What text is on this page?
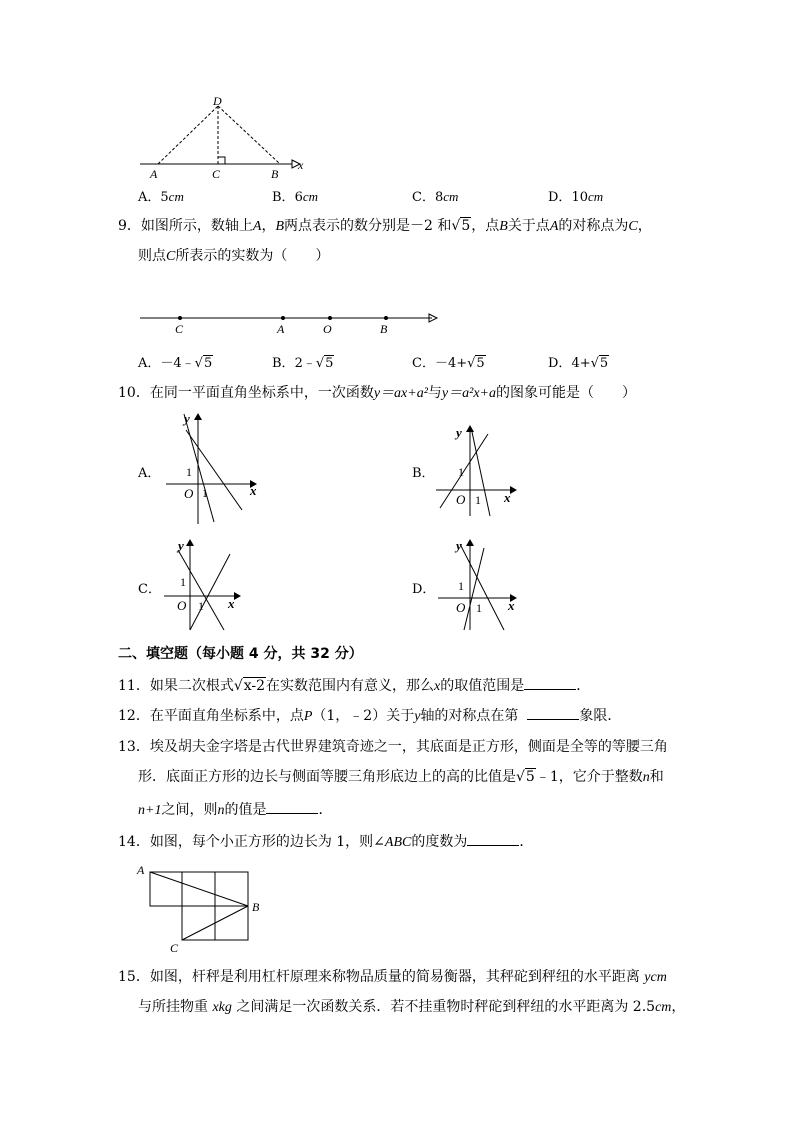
D
A	C	B
x
A．5cm	B．6cm	C．8cm	D．10cm
9．如图所示，数轴上A，B两点表示的数分别是－2 和√5，点B关于点A的对称点为C，
则点C所表示的实数为（　　）
C	A	O	B
A．－4﹣√5	B．2﹣√5	C．－4+√5	D．4+√5
10．在同一平面直角坐标系中，一次函数y＝ax+a²与y＝a²x+a的图象可能是（　　）
A．
y
x
O
1
1
B．
y
x
O
1
1
C．
y
x
O
1
1
D．
y
x
O
1
1
二、填空题（每小题 4 分，共 32 分）
11．如果二次根式√x-2在实数范围内有意义，那么x的取值范围是	．
12．在平面直角坐标系中，点P（1，﹣2）关于y轴的对称点在第	象限．
13．埃及胡夫金字塔是古代世界建筑奇迹之一，其底面是正方形，侧面是全等的等腰三角
形．底面正方形的边长与侧面等腰三角形底边上的高的比值是√5﹣1，它介于整数n和
n+1之间，则n的值是	．
14．如图，每个小正方形的边长为 1，则∠ABC的度数为	．
A
B
C
15．如图，杆秤是利用杠杆原理来称物品质量的简易衡器，其秤砣到秤纽的水平距离 ycm
与所挂物重 xkg 之间满足一次函数关系．若不挂重物时秤砣到秤纽的水平距离为 2.5cm，
